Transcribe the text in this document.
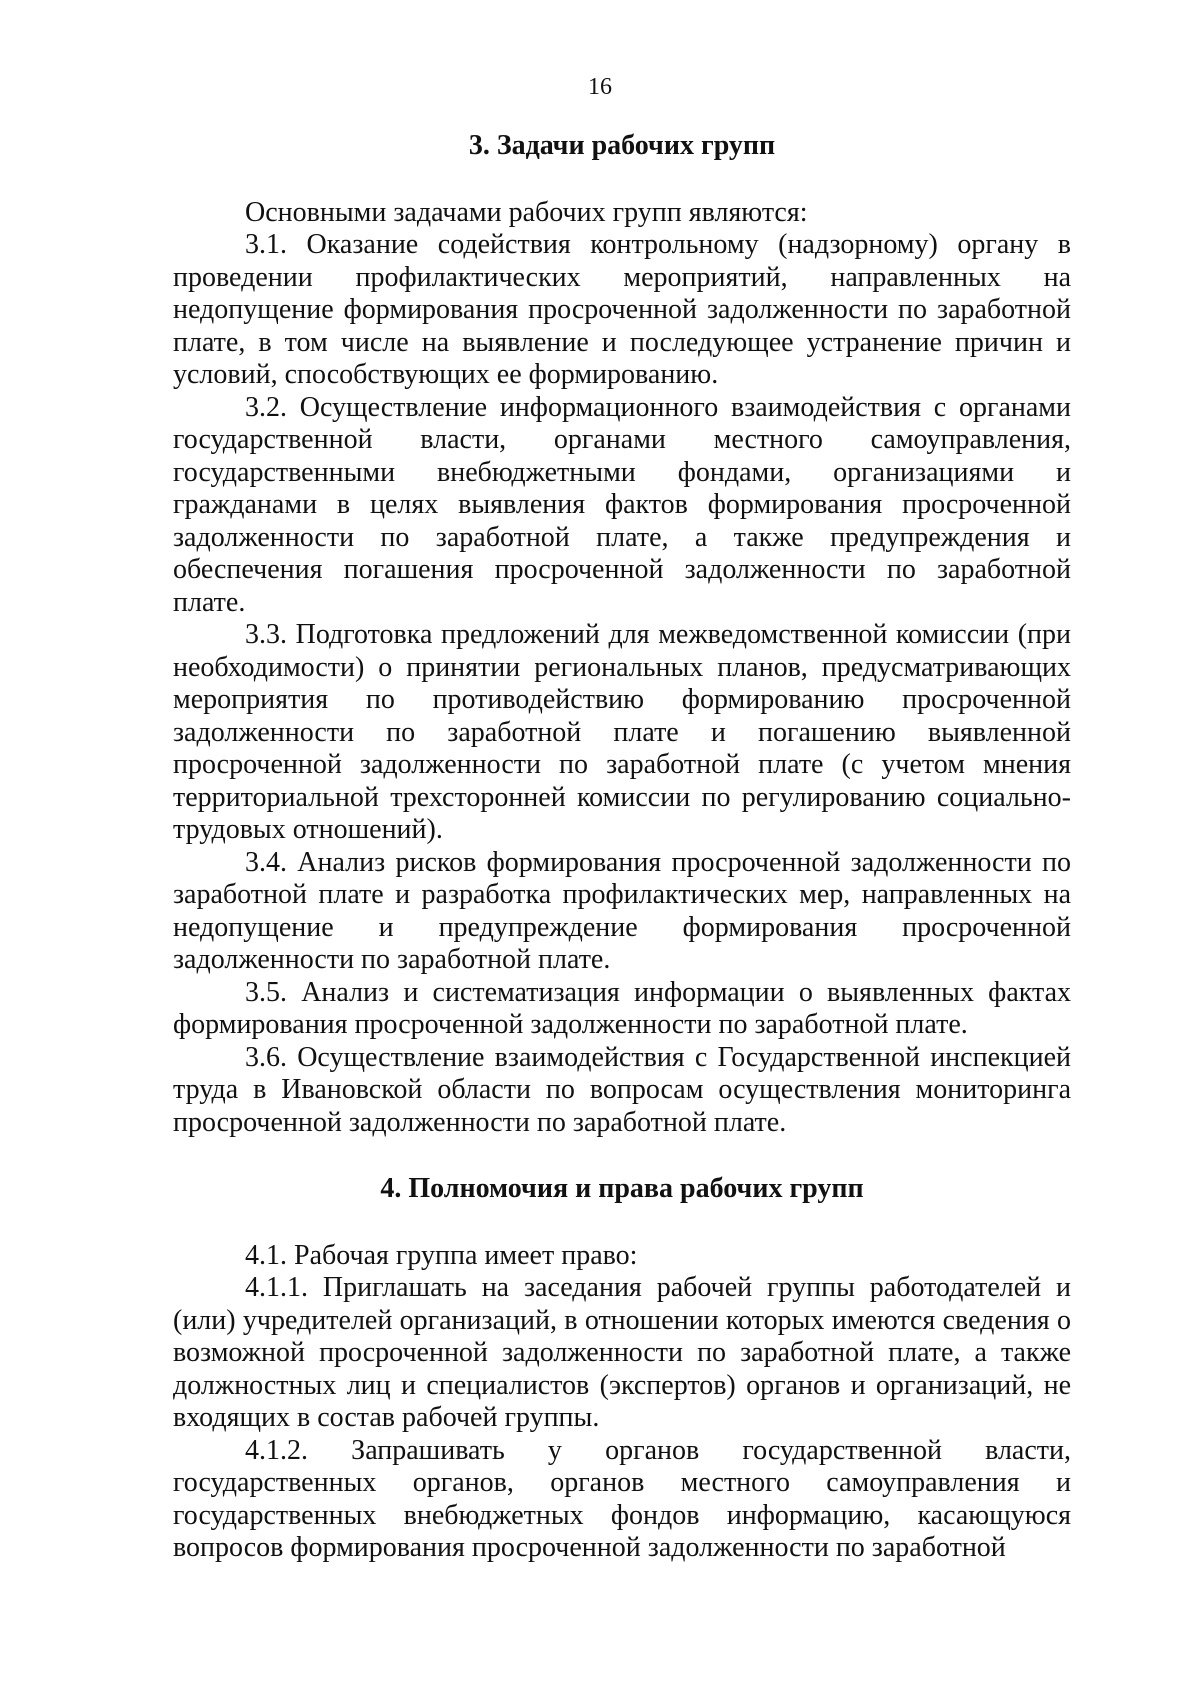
16
3. Задачи рабочих групп

Основными задачами рабочих групп являются:

3.1. Оказание содействия контрольному (надзорному) органу в проведении профилактических мероприятий, направленных на недопущение формирования просроченной задолженности по заработной плате, в том числе на выявление и последующее устранение причин и условий, способствующих ее формированию.

3.2. Осуществление информационного взаимодействия с органами государственной власти, органами местного самоуправления, государственными внебюджетными фондами, организациями и гражданами в целях выявления фактов формирования просроченной задолженности по заработной плате, а также предупреждения и обеспечения погашения просроченной задолженности по заработной плате.

3.3. Подготовка предложений для межведомственной комиссии (при необходимости) о принятии региональных планов, предусматривающих мероприятия по противодействию формированию просроченной задолженности по заработной плате и погашению выявленной просроченной задолженности по заработной плате (с учетом мнения территориальной трехсторонней комиссии по регулированию социально-трудовых отношений).

3.4. Анализ рисков формирования просроченной задолженности по заработной плате и разработка профилактических мер, направленных на недопущение и предупреждение формирования просроченной задолженности по заработной плате.

3.5. Анализ и систематизация информации о выявленных фактах формирования просроченной задолженности по заработной плате.

3.6. Осуществление взаимодействия с Государственной инспекцией труда в Ивановской области по вопросам осуществления мониторинга просроченной задолженности по заработной плате.

4. Полномочия и права рабочих групп

4.1. Рабочая группа имеет право:

4.1.1. Приглашать на заседания рабочей группы работодателей и (или) учредителей организаций, в отношении которых имеются сведения о возможной просроченной задолженности по заработной плате, а также должностных лиц и специалистов (экспертов) органов и организаций, не входящих в состав рабочей группы.

4.1.2. Запрашивать у органов государственной власти, государственных органов, органов местного самоуправления и государственных внебюджетных фондов информацию, касающуюся вопросов формирования просроченной задолженности по заработной
